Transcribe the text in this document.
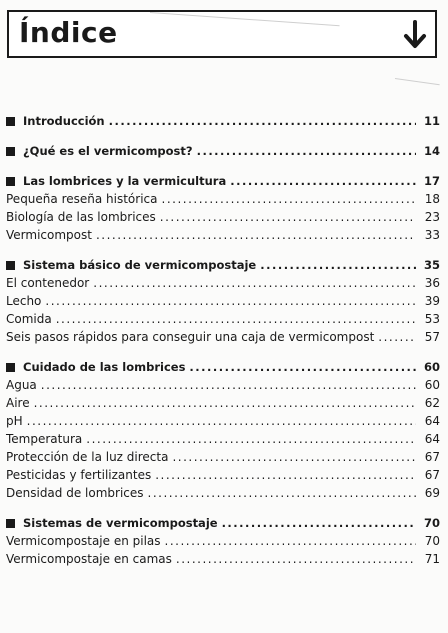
Índice
Introducción .....	11
¿Qué es el vermicompost? .....	14
Las lombrices y la vermicultura .....	17
Pequeña reseña histórica .....	18
Biología de las lombrices .....	23
Vermicompost .....	33
Sistema básico de vermicompostaje .....	35
El contenedor .....	36
Lecho .....	39
Comida .....	53
Seis pasos rápidos para conseguir una caja de vermicompost .....	57
Cuidado de las lombrices .....	60
Agua .....	60
Aire .....	62
pH .....	64
Temperatura .....	64
Protección de la luz directa .....	67
Pesticidas y fertilizantes .....	67
Densidad de lombrices .....	69
Sistemas de vermicompostaje .....	70
Vermicompostaje en pilas .....	70
Vermicompostaje en camas .....	71
